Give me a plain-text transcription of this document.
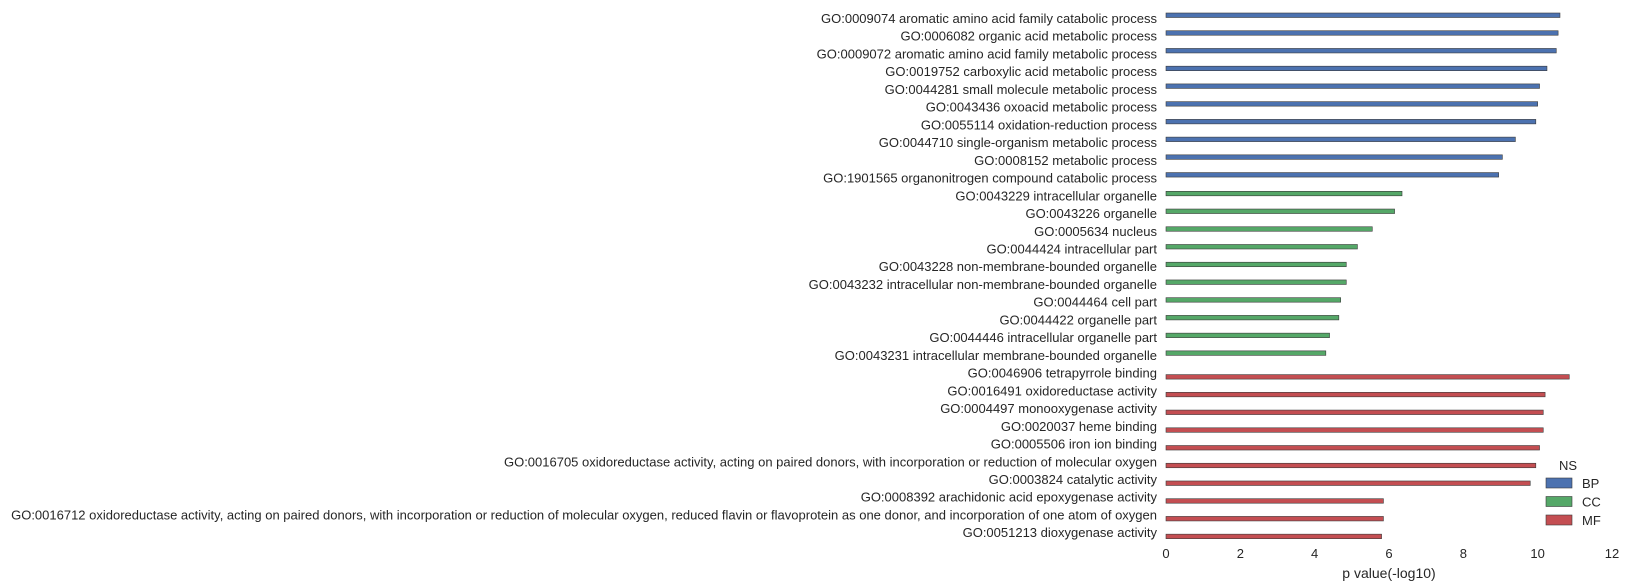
GO:0009074 aromatic amino acid family catabolic process
GO:0006082 organic acid metabolic process
GO:0009072 aromatic amino acid family metabolic process
GO:0019752 carboxylic acid metabolic process
GO:0044281 small molecule metabolic process
GO:0043436 oxoacid metabolic process
GO:0055114 oxidation-reduction process
GO:0044710 single-organism metabolic process
GO:0008152 metabolic process
GO:1901565 organonitrogen compound catabolic process
GO:0043229 intracellular organelle
GO:0043226 organelle
GO:0005634 nucleus
GO:0044424 intracellular part
GO:0043228 non-membrane-bounded organelle
GO:0043232 intracellular non-membrane-bounded organelle
GO:0044464 cell part
GO:0044422 organelle part
GO:0044446 intracellular organelle part
GO:0043231 intracellular membrane-bounded organelle
GO:0046906 tetrapyrrole binding
GO:0016491 oxidoreductase activity
GO:0004497 monooxygenase activity
GO:0020037 heme binding
GO:0005506 iron ion binding
GO:0016705 oxidoreductase activity, acting on paired donors, with incorporation or reduction of molecular oxygen
GO:0003824 catalytic activity
GO:0008392 arachidonic acid epoxygenase activity
GO:0016712 oxidoreductase activity, acting on paired donors, with incorporation or reduction of molecular oxygen, reduced flavin or flavoprotein as one donor, and incorporation of one atom of oxygen
GO:0051213 dioxygenase activity
0	2	4	6	8	10	12
p value(-log10)
NS
BP
CC
MF
